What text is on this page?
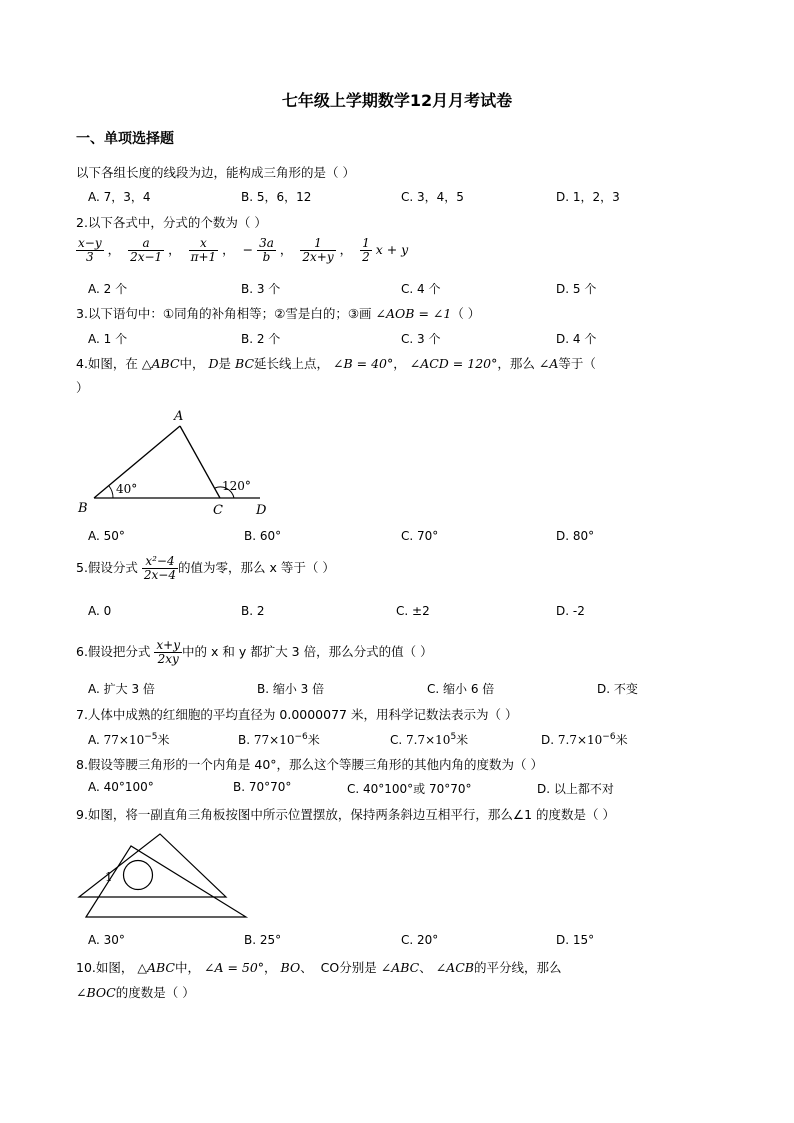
七年级上学期数学12月月考试卷
一、单项选择题
以下各组长度的线段为边，能构成三角形的是（ ）
A. 7，3，4	B. 5，6，12	C. 3，4，5	D. 1，2，3
2.以下各式中，分式的个数为（ ）
$\frac{x-y}{3}$ ， $\frac{a}{2x-1}$ ， $\frac{x}{\pi+1}$ ， − $\frac{3a}{b}$ ， $\frac{1}{2x+y}$ ， $\frac{1}{2}$ x + y
A. 2 个	B. 3 个	C. 4 个	D. 5 个
3.以下语句中：①同角的补角相等；②雪是白的；③画 ∠AOB = ∠1（ ）
A. 1 个	B. 2 个	C. 3 个	D. 4 个
4.如图，在 △ABC中， D是 BC延长线上点， ∠B = 40°， ∠ACD = 120°，那么 ∠A等于（
）
A
B	C	D
40°	120°
A. 50°	B. 60°	C. 70°	D. 80°
5.假设分式 $\frac{\text{x²−4}}{2x-4}$ 的值为零，那么 x 等于（ ）
A. 0	B. 2	C. ±2	D. -2
6.假设把分式 $\frac{x+y}{2xy}$ 中的 x 和 y 都扩大 3 倍，那么分式的值（ ）
A. 扩大 3 倍	B. 缩小 3 倍	C. 缩小 6 倍	D. 不变
7.人体中成熟的红细胞的平均直径为 0.0000077 米，用科学记数法表示为（ ）
A. $77\times 10^{-5}$米	B. $77\times 10^{-6}$米	C. $7.7\times 10^5$米	D. $7.7\times 10^{-6}$米
8.假设等腰三角形的一个内角是 40°，那么这个等腰三角形的其他内角的度数为（ ）
A. 40°100°	B. 70°70°	C. 40°100°或 70°70°	D. 以上都不对
9.如图，将一副直角三角板按图中所示位置摆放，保持两条斜边互相平行，那么∠1 的度数是（ ）
1
A. 30°	B. 25°	C. 20°	D. 15°
10.如图， △ABC中， ∠A = 50°， BO、  CO分别是 ∠ABC、 ∠ACB的平分线，那么
∠BOC的度数是（ ）
